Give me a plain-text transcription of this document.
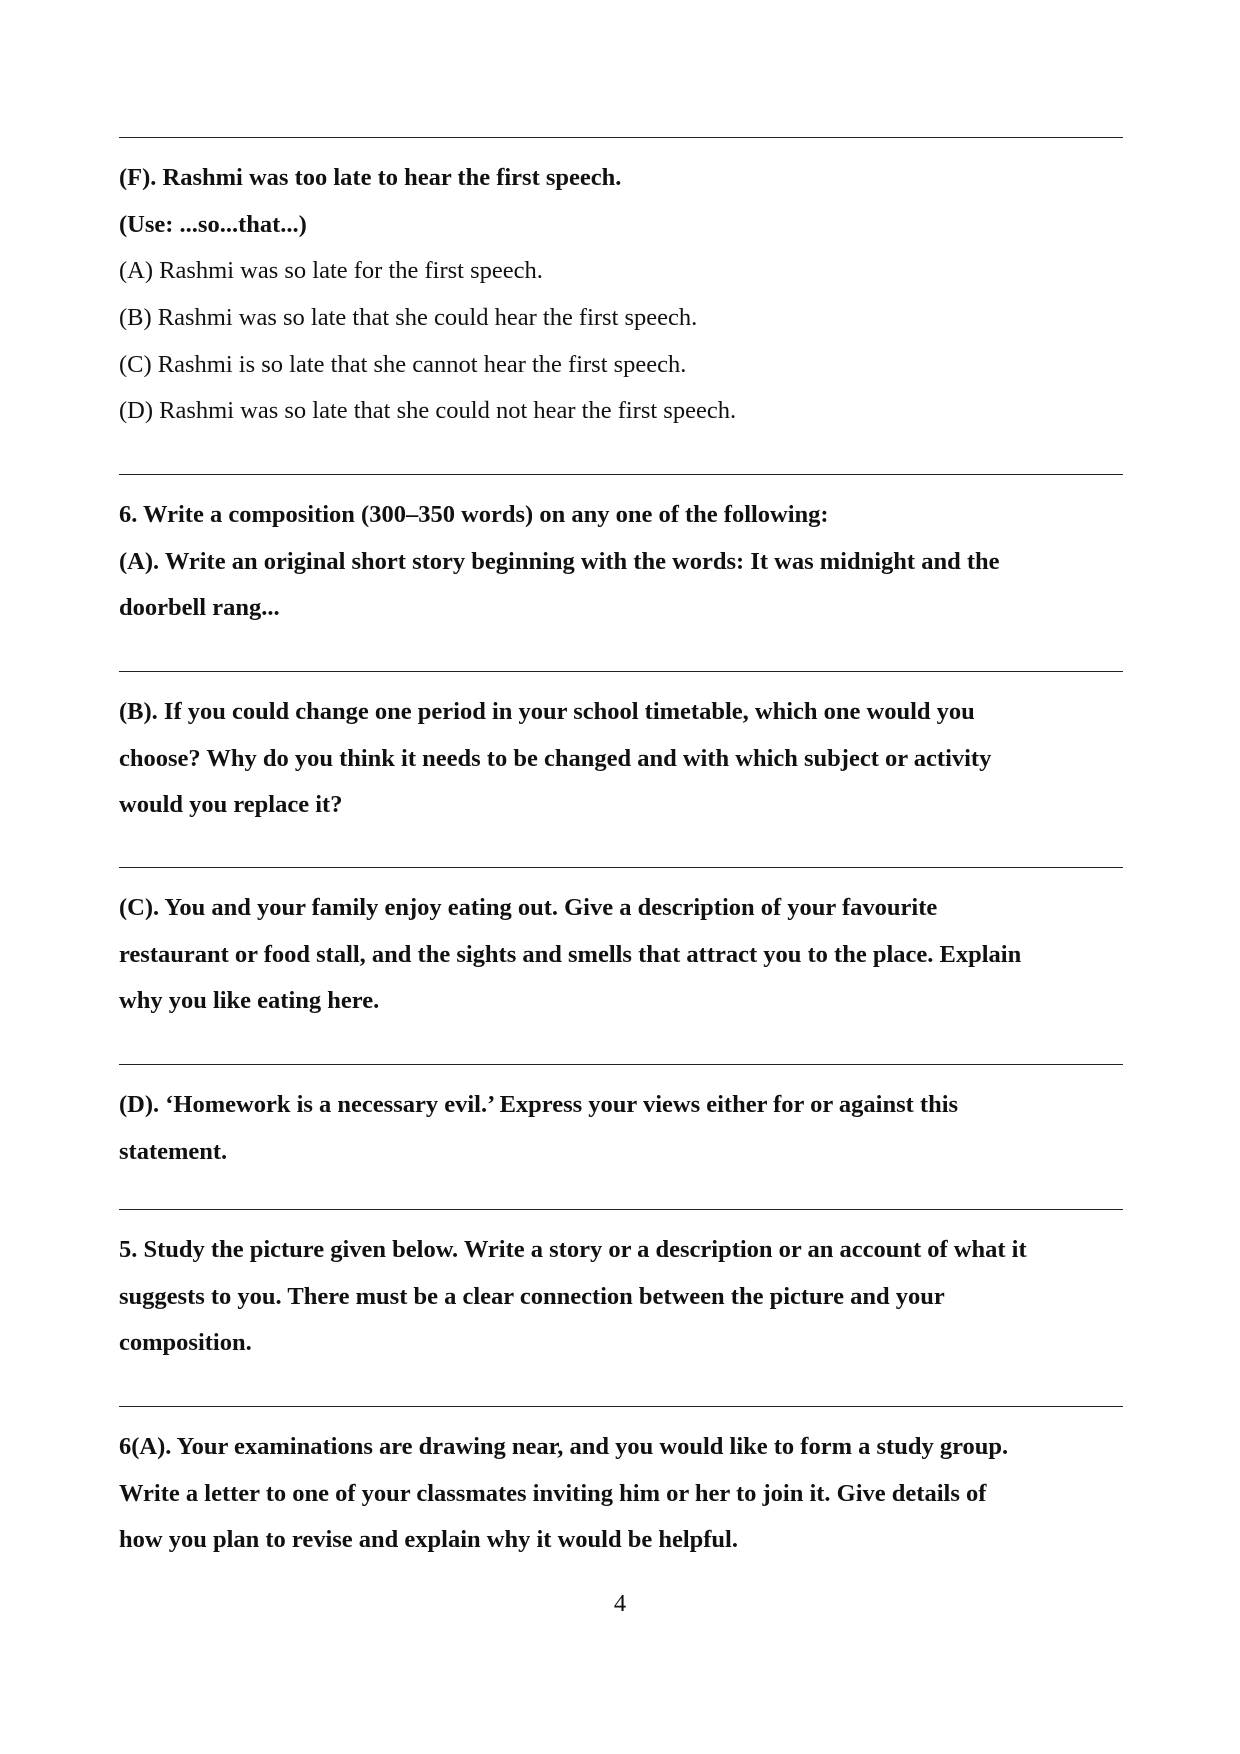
(F). Rashmi was too late to hear the first speech.
(Use: ...so...that...)
(A) Rashmi was so late for the first speech.
(B) Rashmi was so late that she could hear the first speech.
(C) Rashmi is so late that she cannot hear the first speech.
(D) Rashmi was so late that she could not hear the first speech.
6. Write a composition (300–350 words) on any one of the following:
(A). Write an original short story beginning with the words: It was midnight and the
doorbell rang...
(B). If you could change one period in your school timetable, which one would you
choose? Why do you think it needs to be changed and with which subject or activity
would you replace it?
(C). You and your family enjoy eating out. Give a description of your favourite
restaurant or food stall, and the sights and smells that attract you to the place. Explain
why you like eating here.
(D). ‘Homework is a necessary evil.’ Express your views either for or against this
statement.
5. Study the picture given below. Write a story or a description or an account of what it
suggests to you. There must be a clear connection between the picture and your
composition.
6(A). Your examinations are drawing near, and you would like to form a study group.
Write a letter to one of your classmates inviting him or her to join it. Give details of
how you plan to revise and explain why it would be helpful.
4
